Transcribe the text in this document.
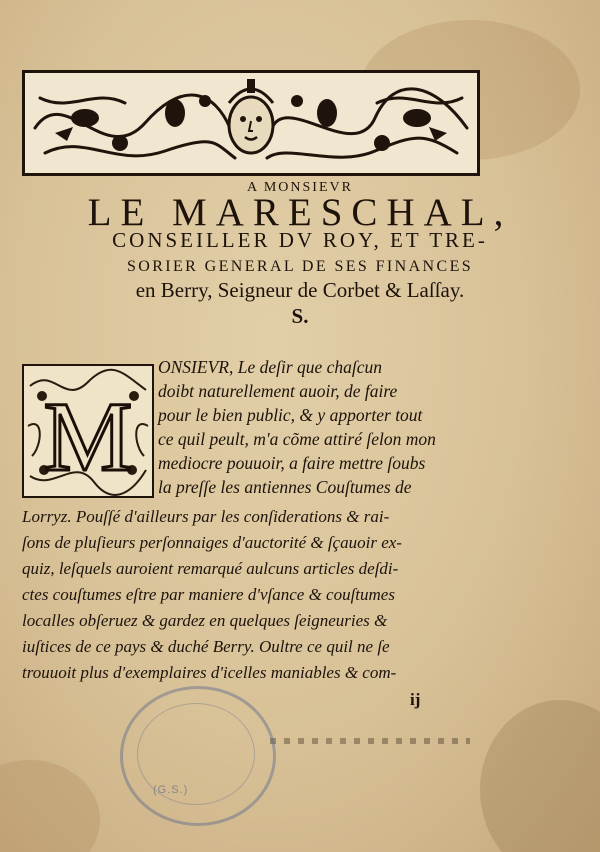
A MONSIEVR

LE MARESCHAL,

CONSEILLER DV ROY, ET TRE-

SORIER GENERAL DE SES FINANCES

en Berry, Seigneur de Corbet & Laſſay.

S.

M

ONSIEVR, Le deſir que chaſcun

doibt naturellement auoir, de faire

pour le bien public, & y apporter tout

ce quil peult, m'a cõme attiré ſelon mon

mediocre pouuoir, a faire mettre ſoubs

la preſſe les antiennes Couſtumes de

Lorryz. Pouſſé d'ailleurs par les conſiderations & rai-

ſons de pluſieurs perſonnaiges d'auctorité & ſçauoir ex-

quiz, leſquels auroient remarqué aulcuns articles deſdi-

ctes couſtumes eſtre par maniere d'vſance & couſtumes

localles obſeruez & gardez en quelques ſeigneuries &

iuſtices de ce pays & duché Berry. Oultre ce quil ne ſe

trouuoit plus d'exemplaires d'icelles maniables & com-

ij
(G.S.)
